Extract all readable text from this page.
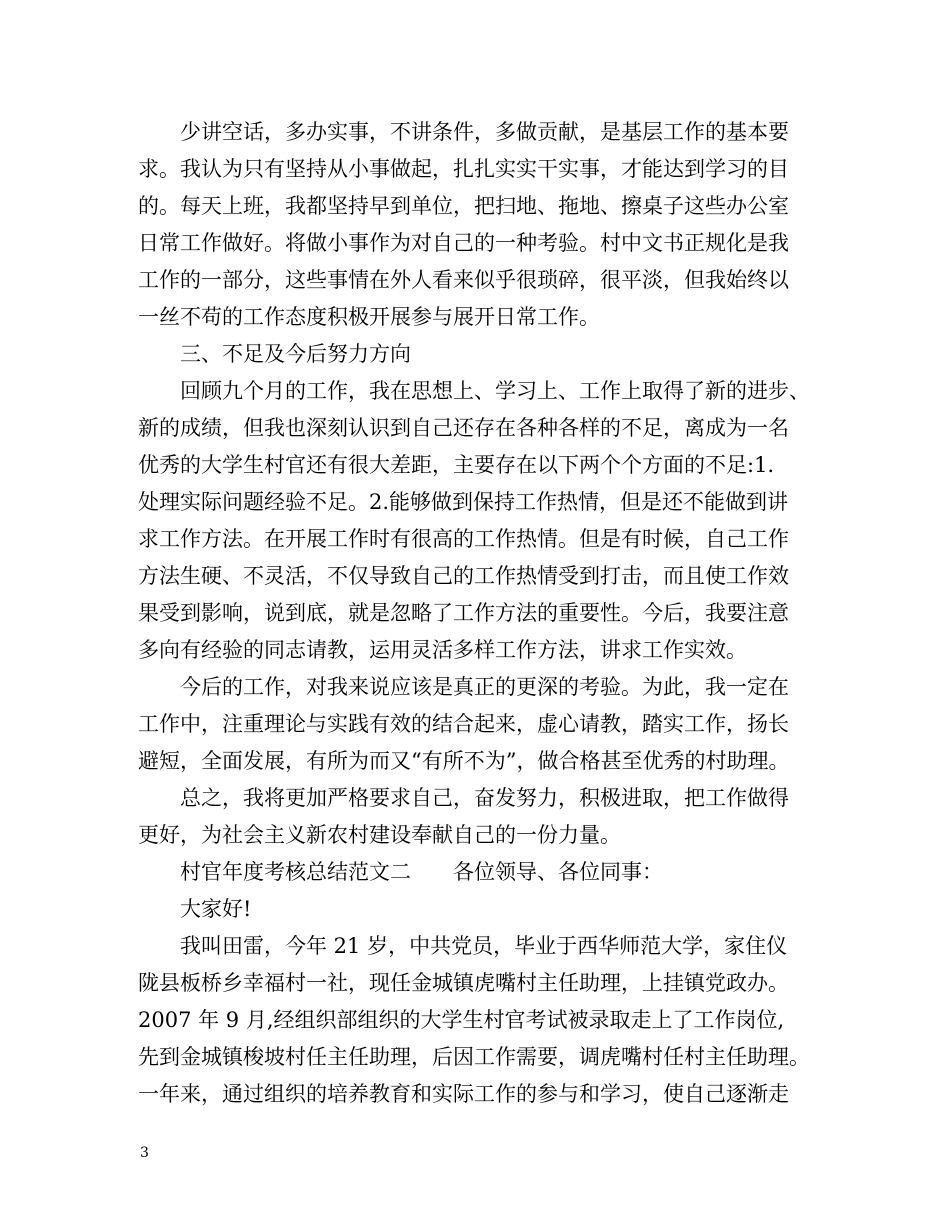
　　少讲空话，多办实事，不讲条件，多做贡献，是基层工作的基本要
求。我认为只有坚持从小事做起，扎扎实实干实事，才能达到学习的目
的。每天上班，我都坚持早到单位，把扫地、拖地、擦桌子这些办公室
日常工作做好。将做小事作为对自己的一种考验。村中文书正规化是我
工作的一部分，这些事情在外人看来似乎很琐碎，很平淡，但我始终以
一丝不苟的工作态度积极开展参与展开日常工作。
　　三、不足及今后努力方向
　　回顾九个月的工作，我在思想上、学习上、工作上取得了新的进步、
新的成绩，但我也深刻认识到自己还存在各种各样的不足，离成为一名
优秀的大学生村官还有很大差距，主要存在以下两个个方面的不足:1.
处理实际问题经验不足。2.能够做到保持工作热情，但是还不能做到讲
求工作方法。在开展工作时有很高的工作热情。但是有时候，自己工作
方法生硬、不灵活，不仅导致自己的工作热情受到打击，而且使工作效
果受到影响，说到底，就是忽略了工作方法的重要性。今后，我要注意
多向有经验的同志请教，运用灵活多样工作方法，讲求工作实效。
　　今后的工作，对我来说应该是真正的更深的考验。为此，我一定在
工作中，注重理论与实践有效的结合起来，虚心请教，踏实工作，扬长
避短，全面发展，有所为而又“有所不为”，做合格甚至优秀的村助理。
　　总之，我将更加严格要求自己，奋发努力，积极进取，把工作做得
更好，为社会主义新农村建设奉献自己的一份力量。
　　村官年度考核总结范文二　　各位领导、各位同事：
　　大家好!
　　我叫田雷，今年 21 岁，中共党员，毕业于西华师范大学，家住仪
陇县板桥乡幸福村一社，现任金城镇虎嘴村主任助理，上挂镇党政办。
2007 年 9 月,经组织部组织的大学生村官考试被录取走上了工作岗位,
先到金城镇梭坡村任主任助理，后因工作需要，调虎嘴村任村主任助理。
一年来，通过组织的培养教育和实际工作的参与和学习，使自己逐渐走
3
